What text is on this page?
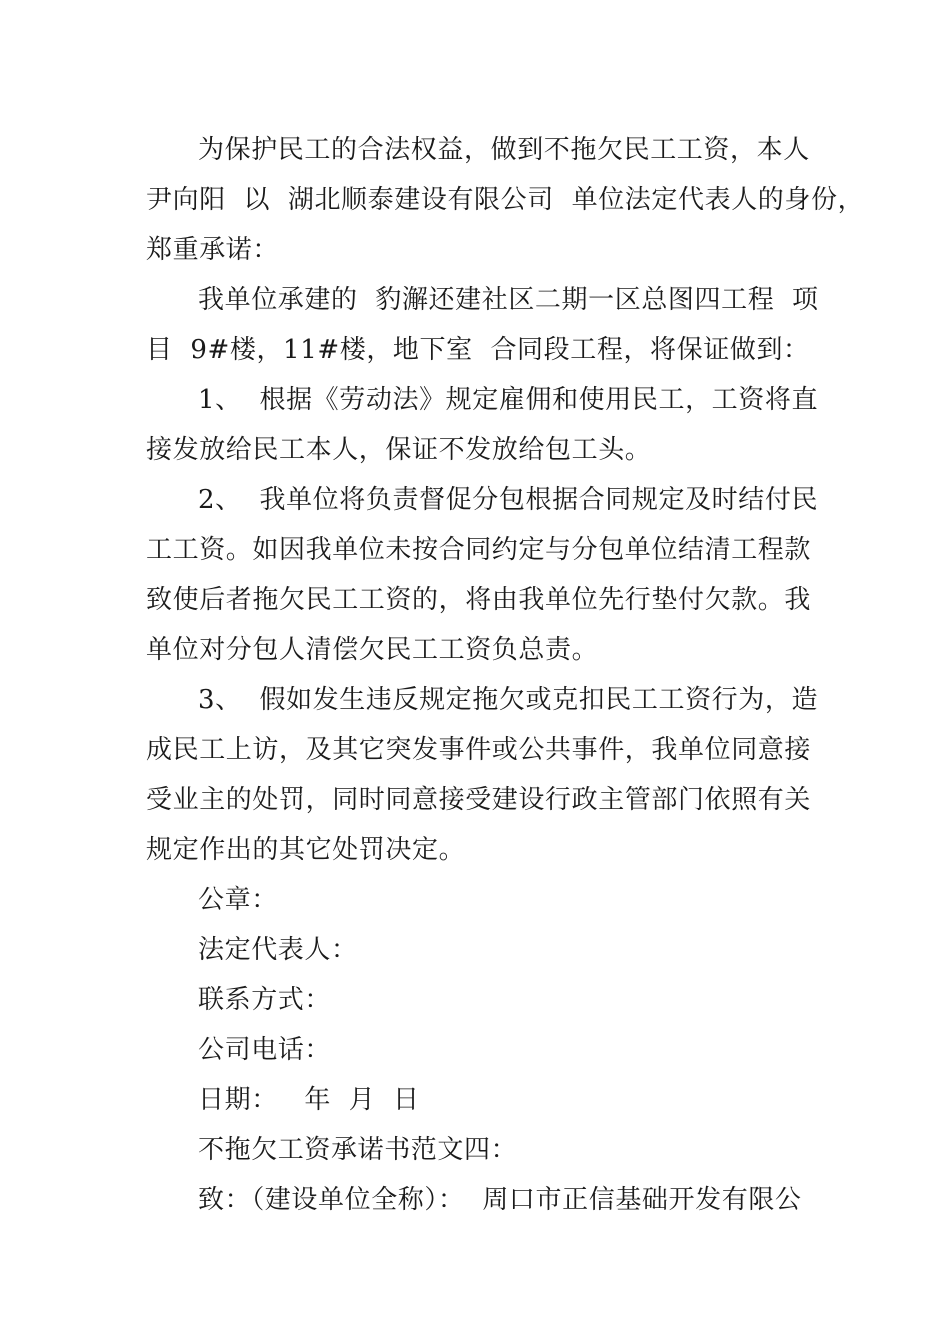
为保护民工的合法权益，做到不拖欠民工工资，本人
尹向阳  以  湖北顺泰建设有限公司  单位法定代表人的身份，
郑重承诺：
我单位承建的  豹澥还建社区二期一区总图四工程  项
目  9#楼，11#楼，地下室  合同段工程，将保证做到：
1、  根据《劳动法》规定雇佣和使用民工，工资将直
接发放给民工本人，保证不发放给包工头。
2、  我单位将负责督促分包根据合同规定及时结付民
工工资。如因我单位未按合同约定与分包单位结清工程款
致使后者拖欠民工工资的，将由我单位先行垫付欠款。我
单位对分包人清偿欠民工工资负总责。
3、  假如发生违反规定拖欠或克扣民工工资行为，造
成民工上访，及其它突发事件或公共事件，我单位同意接
受业主的处罚，同时同意接受建设行政主管部门依照有关
规定作出的其它处罚决定。
公章：
法定代表人：
联系方式：
公司电话：
日期：   年  月  日
不拖欠工资承诺书范文四：
致：（建设单位全称）：  周口市正信基础开发有限公
